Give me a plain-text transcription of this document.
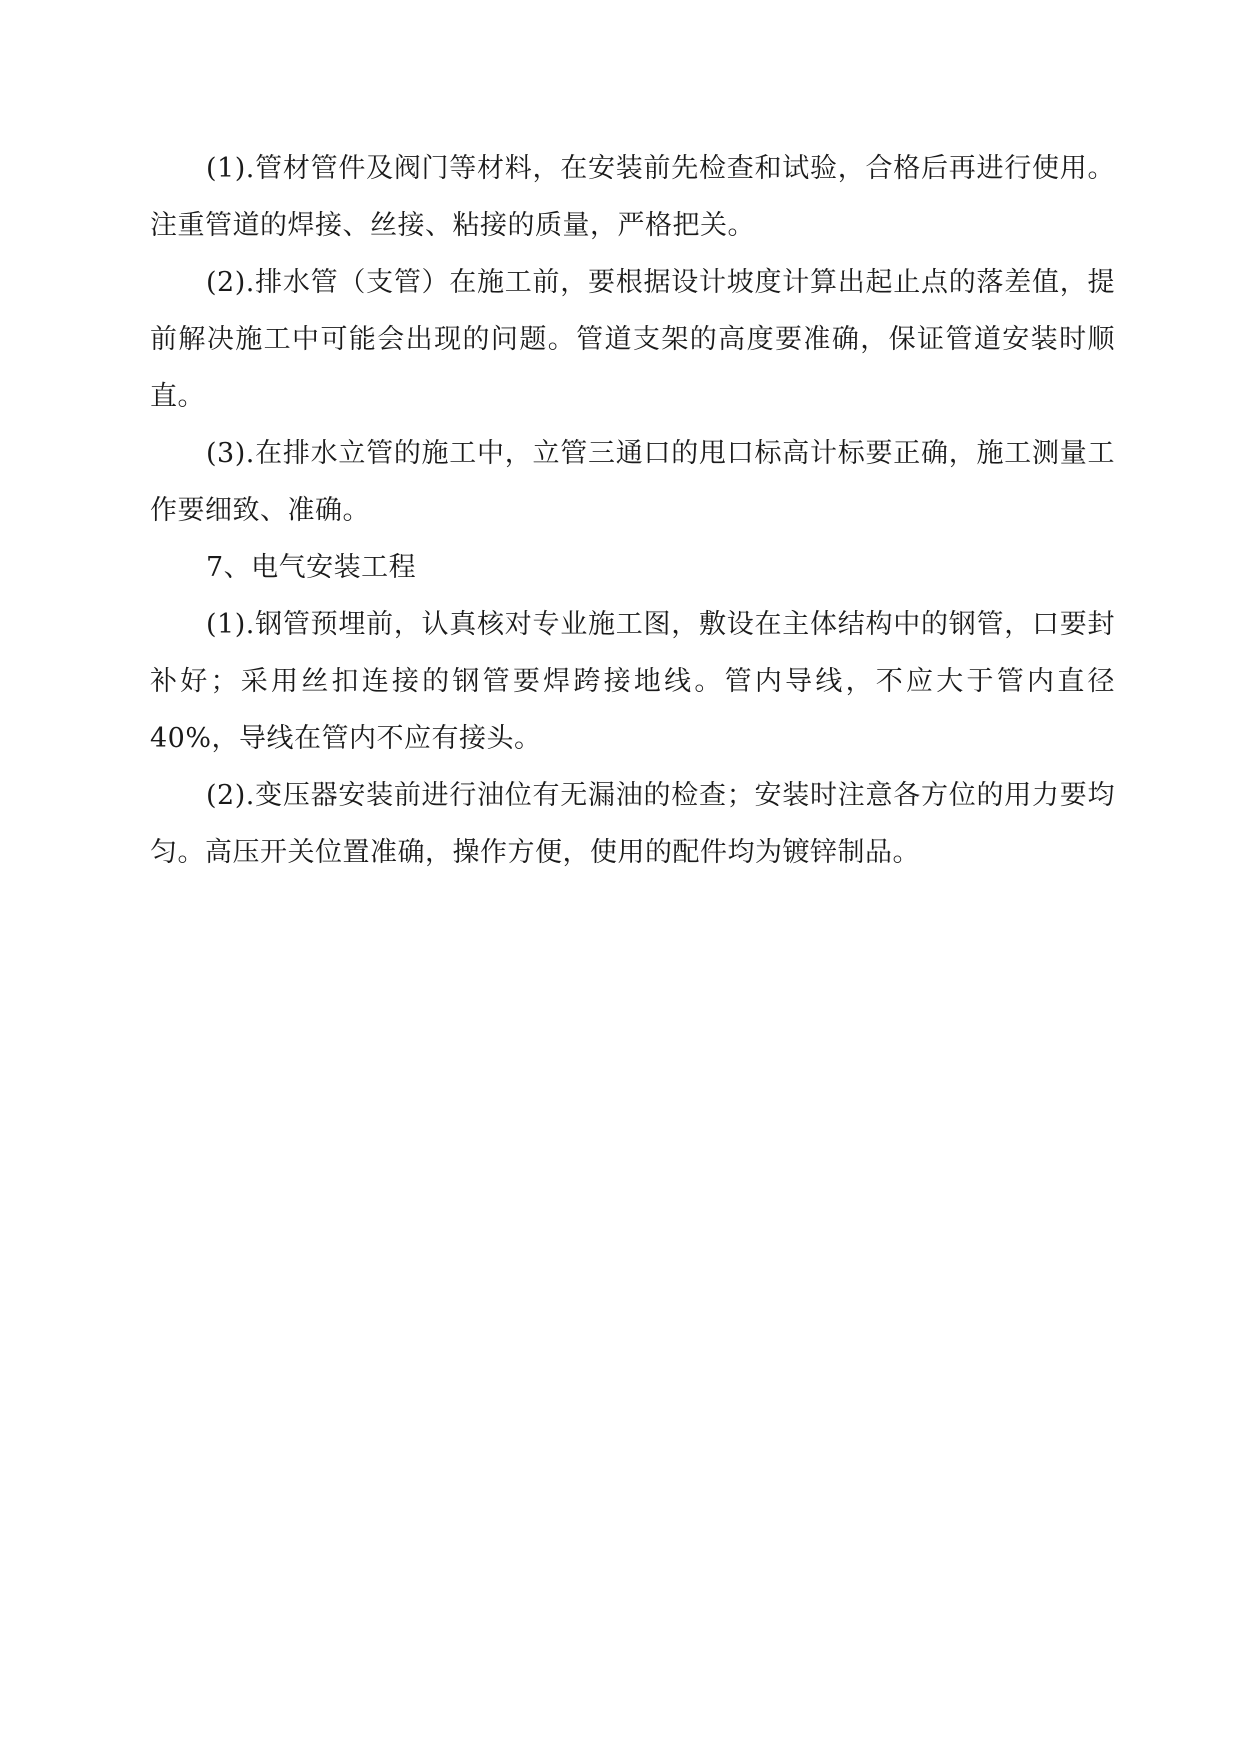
(1).管材管件及阀门等材料，在安装前先检查和试验，合格后再进行使用。注重管道的焊接、丝接、粘接的质量，严格把关。

(2).排水管（支管）在施工前，要根据设计坡度计算出起止点的落差值，提前解决施工中可能会出现的问题。管道支架的高度要准确，保证管道安装时顺直。

(3).在排水立管的施工中，立管三通口的甩口标高计标要正确，施工测量工作要细致、准确。

7、电气安装工程

(1).钢管预埋前，认真核对专业施工图，敷设在主体结构中的钢管，口要封补好；采用丝扣连接的钢管要焊跨接地线。管内导线，不应大于管内直径 40%，导线在管内不应有接头。

(2).变压器安装前进行油位有无漏油的检查；安装时注意各方位的用力要均匀。高压开关位置准确，操作方便，使用的配件均为镀锌制品。
